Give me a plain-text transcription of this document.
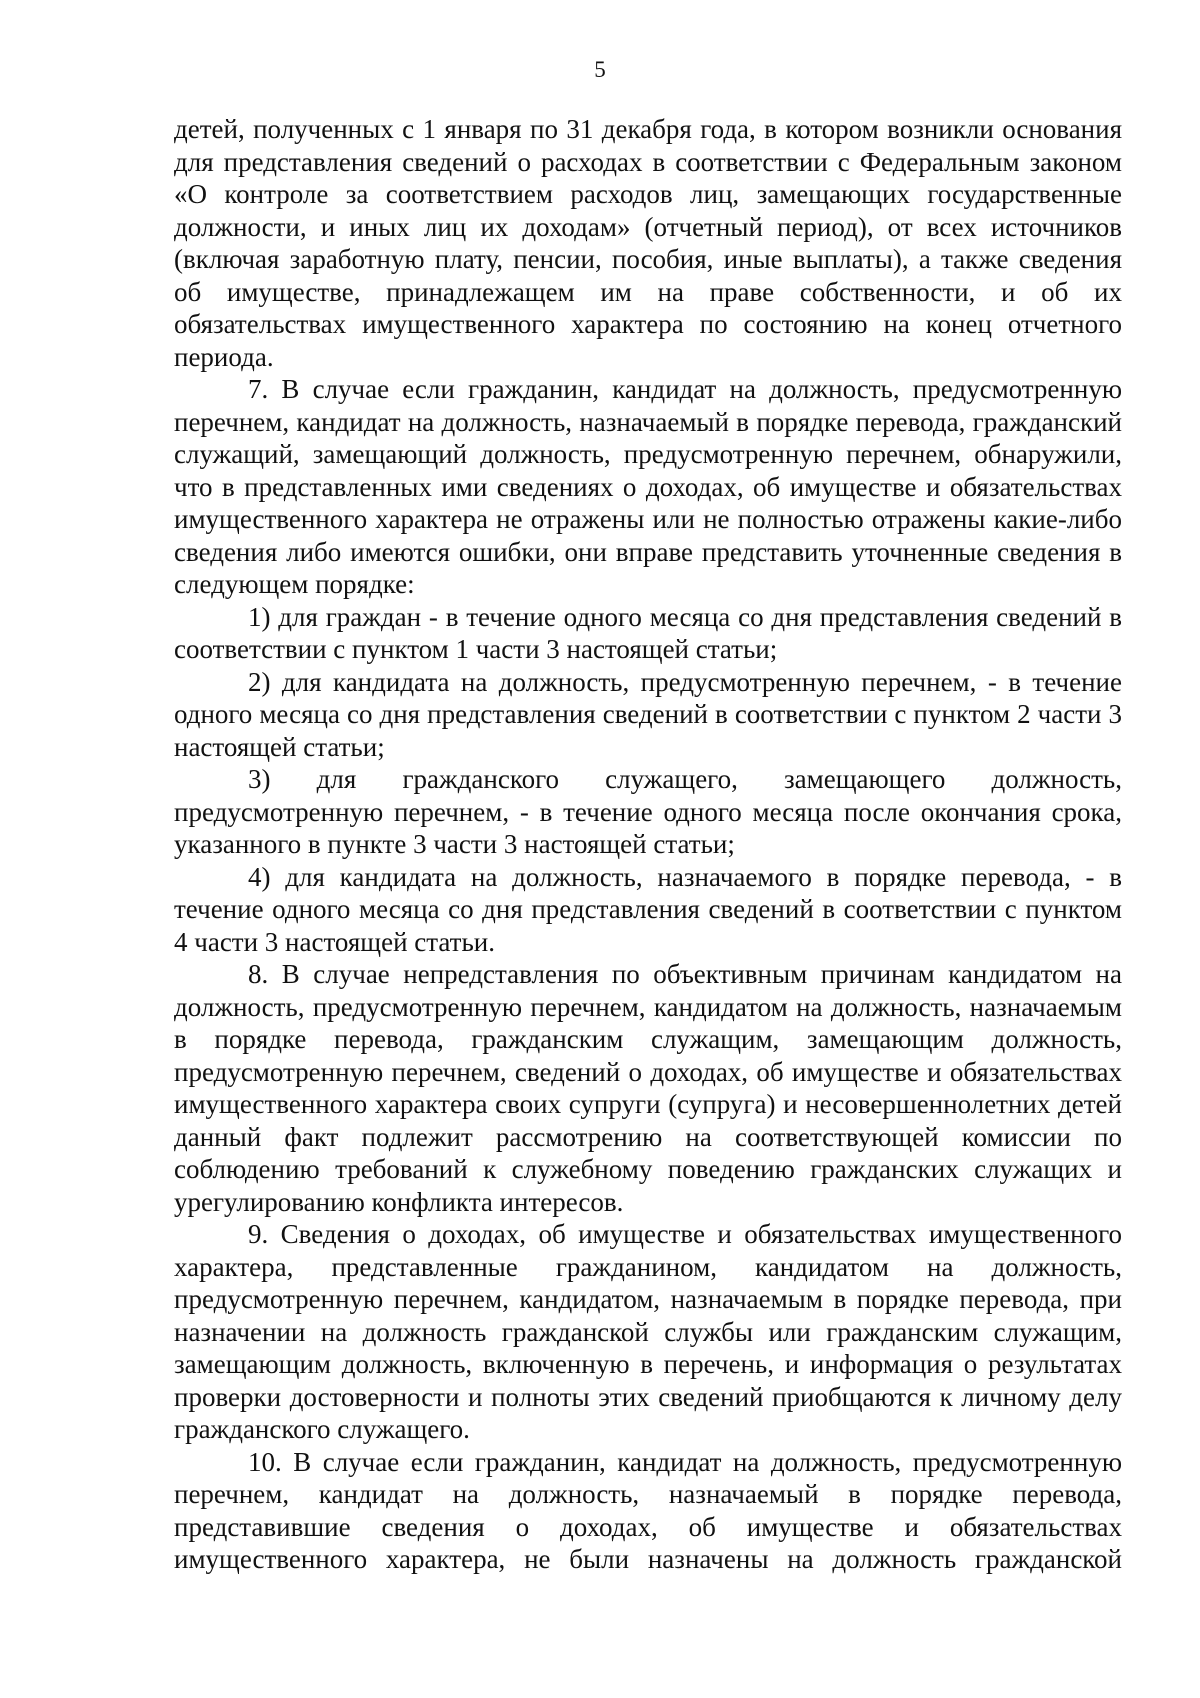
5

детей, полученных с 1 января по 31 декабря года, в котором возникли основания для представления сведений о расходах в соответствии с Федеральным законом «О контроле за соответствием расходов лиц, замещающих государственные должности, и иных лиц их доходам» (отчетный период), от всех источников (включая заработную плату, пенсии, пособия, иные выплаты), а также сведения об имуществе, принадлежащем им на праве собственности, и об их обязательствах имущественного характера по состоянию на конец отчетного периода.

7. В случае если гражданин, кандидат на должность, предусмотренную перечнем, кандидат на должность, назначаемый в порядке перевода, гражданский служащий, замещающий должность, предусмотренную перечнем, обнаружили, что в представленных ими сведениях о доходах, об имуществе и обязательствах имущественного характера не отражены или не полностью отражены какие-либо сведения либо имеются ошибки, они вправе представить уточненные сведения в следующем порядке:

1) для граждан - в течение одного месяца со дня представления сведений в соответствии с пунктом 1 части 3 настоящей статьи;

2) для кандидата на должность, предусмотренную перечнем, - в течение одного месяца со дня представления сведений в соответствии с пунктом 2 части 3 настоящей статьи;

3) для гражданского служащего, замещающего должность, предусмотренную перечнем, - в течение одного месяца после окончания срока, указанного в пункте 3 части 3 настоящей статьи;

4) для кандидата на должность, назначаемого в порядке перевода, - в течение одного месяца со дня представления сведений в соответствии с пунктом 4 части 3 настоящей статьи.

8. В случае непредставления по объективным причинам кандидатом на должность, предусмотренную перечнем, кандидатом на должность, назначаемым в порядке перевода, гражданским служащим, замещающим должность, предусмотренную перечнем, сведений о доходах, об имуществе и обязательствах имущественного характера своих супруги (супруга) и несовершеннолетних детей данный факт подлежит рассмотрению на соответствующей комиссии по соблюдению требований к служебному поведению гражданских служащих и урегулированию конфликта интересов.

9. Сведения о доходах, об имуществе и обязательствах имущественного характера, представленные гражданином, кандидатом на должность, предусмотренную перечнем, кандидатом, назначаемым в порядке перевода, при назначении на должность гражданской службы или гражданским служащим, замещающим должность, включенную в перечень, и информация о результатах проверки достоверности и полноты этих сведений приобщаются к личному делу гражданского служащего.

10. В случае если гражданин, кандидат на должность, предусмотренную перечнем, кандидат на должность, назначаемый в порядке перевода, представившие сведения о доходах, об имуществе и обязательствах имущественного характера, не были назначены на должность гражданской
